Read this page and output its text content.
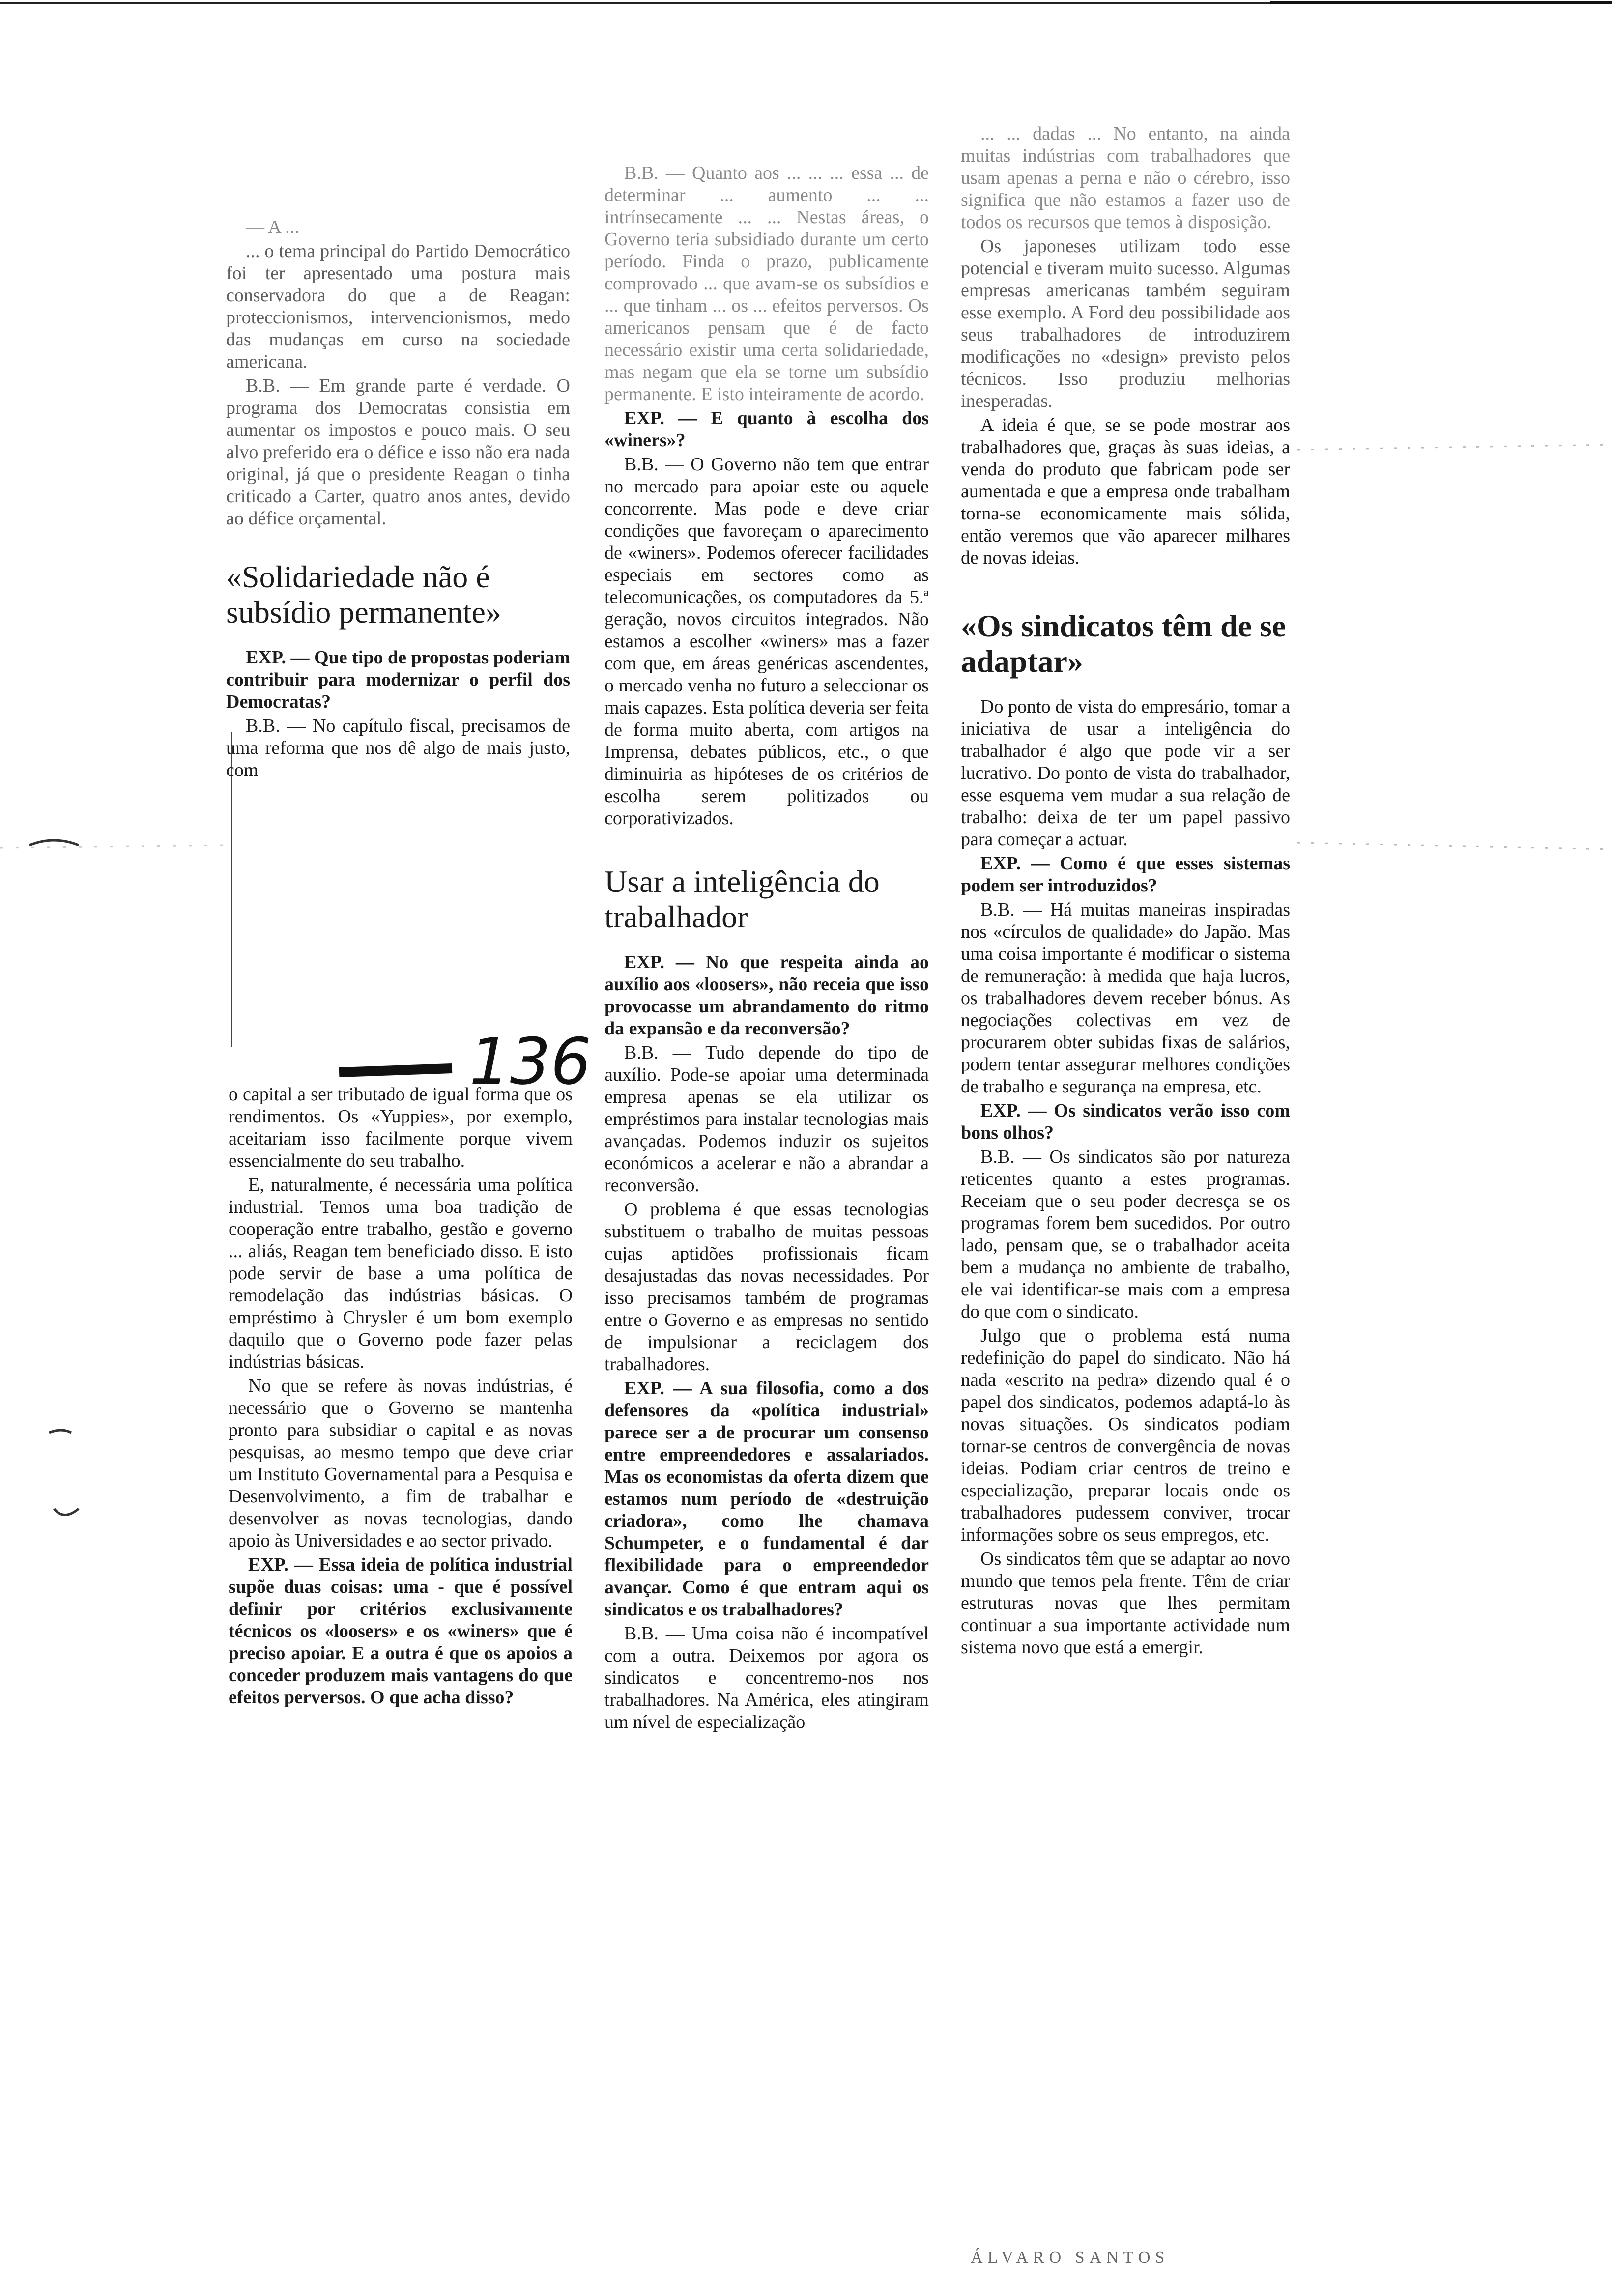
— A ...

... o tema principal do Partido Democrático foi ter apresentado uma postura mais conservadora do que a de Reagan: proteccionismos, intervencionismos, medo das mudanças em curso na sociedade americana.

B.B. — Em grande parte é verdade. O programa dos Democratas consistia em aumentar os impostos e pouco mais. O seu alvo preferido era o défice e isso não era nada original, já que o presidente Reagan o tinha criticado a Carter, quatro anos antes, devido ao défice orçamental.

«Solidariedade não é subsídio permanente»

EXP. — Que tipo de propostas poderiam contribuir para modernizar o perfil dos Democratas?

B.B. — No capítulo fiscal, precisamos de uma reforma que nos dê algo de mais justo, com

136

o capital a ser tributado de igual forma que os rendimentos. Os «Yuppies», por exemplo, aceitariam isso facilmente porque vivem essencialmente do seu trabalho.

E, naturalmente, é necessária uma política industrial. Temos uma boa tradição de cooperação entre trabalho, gestão e governo ... aliás, Reagan tem beneficiado disso. E isto pode servir de base a uma política de remodelação das indústrias básicas. O empréstimo à Chrysler é um bom exemplo daquilo que o Governo pode fazer pelas indústrias básicas.

No que se refere às novas indústrias, é necessário que o Governo se mantenha pronto para subsidiar o capital e as novas pesquisas, ao mesmo tempo que deve criar um Instituto Governamental para a Pesquisa e Desenvolvimento, a fim de trabalhar e desenvolver as novas tecnologias, dando apoio às Universidades e ao sector privado.

EXP. — Essa ideia de política industrial supõe duas coisas: uma - que é possível definir por critérios exclusivamente técnicos os «loosers» e os «winers» que é preciso apoiar. E a outra é que os apoios a conceder produzem mais vantagens do que efeitos perversos. O que acha disso?

B.B. — Quanto aos ... ... ... essa ... de determinar ... aumento ... ... intrínsecamente ... ... Nestas áreas, o Governo teria subsidiado durante um certo período. Finda o prazo, publicamente comprovado ... que avam-se os subsídios e ... que tinham ... os ... efeitos perversos. Os americanos pensam que é de facto necessário existir uma certa solidariedade, mas negam que ela se torne um subsídio permanente. E isto inteiramente de acordo.

EXP. — E quanto à escolha dos «winers»?

B.B. — O Governo não tem que entrar no mercado para apoiar este ou aquele concorrente. Mas pode e deve criar condições que favoreçam o aparecimento de «winers». Podemos oferecer facilidades especiais em sectores como as telecomunicações, os computadores da 5.ª geração, novos circuitos integrados. Não estamos a escolher «winers» mas a fazer com que, em áreas genéricas ascendentes, o mercado venha no futuro a seleccionar os mais capazes. Esta política deveria ser feita de forma muito aberta, com artigos na Imprensa, debates públicos, etc., o que diminuiria as hipóteses de os critérios de escolha serem politizados ou corporativizados.

Usar a inteligência do trabalhador

EXP. — No que respeita ainda ao auxílio aos «loosers», não receia que isso provocasse um abrandamento do ritmo da expansão e da reconversão?

B.B. — Tudo depende do tipo de auxílio. Pode-se apoiar uma determinada empresa apenas se ela utilizar os empréstimos para instalar tecnologias mais avançadas. Podemos induzir os sujeitos económicos a acelerar e não a abrandar a reconversão.

O problema é que essas tecnologias substituem o trabalho de muitas pessoas cujas aptidões profissionais ficam desajustadas das novas necessidades. Por isso precisamos também de programas entre o Governo e as empresas no sentido de impulsionar a reciclagem dos trabalhadores.

EXP. — A sua filosofia, como a dos defensores da «política industrial» parece ser a de procurar um consenso entre empreendedores e assalariados. Mas os economistas da oferta dizem que estamos num período de «destruição criadora», como lhe chamava Schumpeter, e o fundamental é dar flexibilidade para o empreendedor avançar. Como é que entram aqui os sindicatos e os trabalhadores?

B.B. — Uma coisa não é incompatível com a outra. Deixemos por agora os sindicatos e concentremo-nos nos trabalhadores. Na América, eles atingiram um nível de especialização

... ... dadas ... No entanto, na ainda muitas indústrias com trabalhadores que usam apenas a perna e não o cérebro, isso significa que não estamos a fazer uso de todos os recursos que temos à disposição.

Os japoneses utilizam todo esse potencial e tiveram muito sucesso. Algumas empresas americanas também seguiram esse exemplo. A Ford deu possibilidade aos seus trabalhadores de introduzirem modificações no «design» previsto pelos técnicos. Isso produziu melhorias inesperadas.

A ideia é que, se se pode mostrar aos trabalhadores que, graças às suas ideias, a venda do produto que fabricam pode ser aumentada e que a empresa onde trabalham torna-se economicamente mais sólida, então veremos que vão aparecer milhares de novas ideias.

«Os sindicatos têm de se adaptar»

Do ponto de vista do empresário, tomar a iniciativa de usar a inteligência do trabalhador é algo que pode vir a ser lucrativo. Do ponto de vista do trabalhador, esse esquema vem mudar a sua relação de trabalho: deixa de ter um papel passivo para começar a actuar.

EXP. — Como é que esses sistemas podem ser introduzidos?

B.B. — Há muitas maneiras inspiradas nos «círculos de qualidade» do Japão. Mas uma coisa importante é modificar o sistema de remuneração: à medida que haja lucros, os trabalhadores devem receber bónus. As negociações colectivas em vez de procurarem obter subidas fixas de salários, podem tentar assegurar melhores condições de trabalho e segurança na empresa, etc.

EXP. — Os sindicatos verão isso com bons olhos?

B.B. — Os sindicatos são por natureza reticentes quanto a estes programas. Receiam que o seu poder decresça se os programas forem bem sucedidos. Por outro lado, pensam que, se o trabalhador aceita bem a mudança no ambiente de trabalho, ele vai identificar-se mais com a empresa do que com o sindicato.

Julgo que o problema está numa redefinição do papel do sindicato. Não há nada «escrito na pedra» dizendo qual é o papel dos sindicatos, podemos adaptá-lo às novas situações. Os sindicatos podiam tornar-se centros de convergência de novas ideias. Podiam criar centros de treino e especialização, preparar locais onde os trabalhadores pudessem conviver, trocar informações sobre os seus empregos, etc.

Os sindicatos têm que se adaptar ao novo mundo que temos pela frente. Têm de criar estruturas novas que lhes permitam continuar a sua importante actividade num sistema novo que está a emergir.

ÁLVARO SANTOS
